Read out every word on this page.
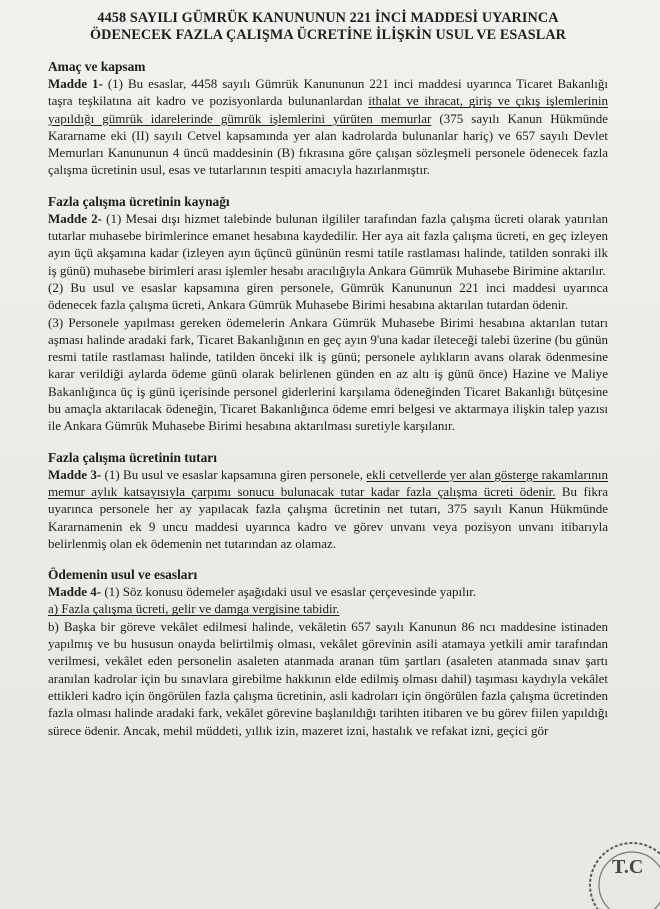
4458 SAYILI GÜMRÜK KANUNUNUN 221 İNCİ MADDESİ UYARINCA
ÖDENECEK FAZLA ÇALIŞMA ÜCRETİNE İLİŞKİN USUL VE ESASLAR
Amaç ve kapsam

Madde 1- (1) Bu esaslar, 4458 sayılı Gümrük Kanununun 221 inci maddesi uyarınca Ticaret Bakanlığı taşra teşkilatına ait kadro ve pozisyonlarda bulunanlardan ithalat ve ihracat, giriş ve çıkış işlemlerinin yapıldığı gümrük idarelerinde gümrük işlemlerini yürüten memurlar (375 sayılı Kanun Hükmünde Kararname eki (II) sayılı Cetvel kapsamında yer alan kadrolarda bulunanlar hariç) ve 657 sayılı Devlet Memurları Kanununun 4 üncü maddesinin (B) fıkrasına göre çalışan sözleşmeli personele ödenecek fazla çalışma ücretinin usul, esas ve tutarlarının tespiti amacıyla hazırlanmıştır.

Fazla çalışma ücretinin kaynağı

Madde 2- (1) Mesai dışı hizmet talebinde bulunan ilgililer tarafından fazla çalışma ücreti olarak yatırılan tutarlar muhasebe birimlerince emanet hesabına kaydedilir. Her aya ait fazla çalışma ücreti, en geç izleyen ayın üçü akşamına kadar (izleyen ayın üçüncü gününün resmi tatile rastlaması halinde, tatilden sonraki ilk iş günü) muhasebe birimleri arası işlemler hesabı aracılığıyla Ankara Gümrük Muhasebe Birimine aktarılır.

(2) Bu usul ve esaslar kapsamına giren personele, Gümrük Kanununun 221 inci maddesi uyarınca ödenecek fazla çalışma ücreti, Ankara Gümrük Muhasebe Birimi hesabına aktarılan tutardan ödenir.

(3) Personele yapılması gereken ödemelerin Ankara Gümrük Muhasebe Birimi hesabına aktarılan tutarı aşması halinde aradaki fark, Ticaret Bakanlığının en geç ayın 9'una kadar ileteceği talebi üzerine (bu günün resmi tatile rastlaması halinde, tatilden önceki ilk iş günü; personele aylıkların avans olarak ödenmesine karar verildiği aylarda ödeme günü olarak belirlenen günden en az altı iş günü önce) Hazine ve Maliye Bakanlığınca üç iş günü içerisinde personel giderlerini karşılama ödeneğinden Ticaret Bakanlığı bütçesine bu amaçla aktarılacak ödeneğin, Ticaret Bakanlığınca ödeme emri belgesi ve aktarmaya ilişkin talep yazısı ile Ankara Gümrük Muhasebe Birimi hesabına aktarılması suretiyle karşılanır.

Fazla çalışma ücretinin tutarı

Madde 3- (1) Bu usul ve esaslar kapsamına giren personele, ekli cetvellerde yer alan gösterge rakamlarının memur aylık katsayısıyla çarpımı sonucu bulunacak tutar kadar fazla çalışma ücreti ödenir. Bu fikra uyarınca personele her ay yapılacak fazla çalışma ücretinin net tutarı, 375 sayılı Kanun Hükmünde Kararnamenin ek 9 uncu maddesi uyarınca kadro ve görev unvanı veya pozisyon unvanı itibarıyla belirlenmiş olan ek ödemenin net tutarından az olamaz.

Ödemenin usul ve esasları

Madde 4- (1) Söz konusu ödemeler aşağıdaki usul ve esaslar çerçevesinde yapılır.

a) Fazla çalışma ücreti, gelir ve damga vergisine tabidir.

b) Başka bir göreve vekâlet edilmesi halinde, vekâletin 657 sayılı Kanunun 86 ncı maddesine istinaden yapılmış ve bu hususun onayda belirtilmiş olması, vekâlet görevinin asili atamaya yetkili amir tarafından verilmesi, vekâlet eden personelin asaleten atanmada aranan tüm şartları (asaleten atanmada sınav şartı aranılan kadrolar için bu sınavlara girebilme hakkının elde edilmiş olması dahil) taşıması kaydıyla vekâlet ettikleri kadro için öngörülen fazla çalışma ücretinin, asli kadroları için öngörülen fazla çalışma ücretinden fazla olması halinde aradaki fark, vekâlet görevine başlanıldığı tarihten itibaren ve bu görev fiilen yapıldığı sürece ödenir. Ancak, mehil müddeti, yıllık izin, mazeret izni, hastalık ve refakat izni, geçici gör

T.C
